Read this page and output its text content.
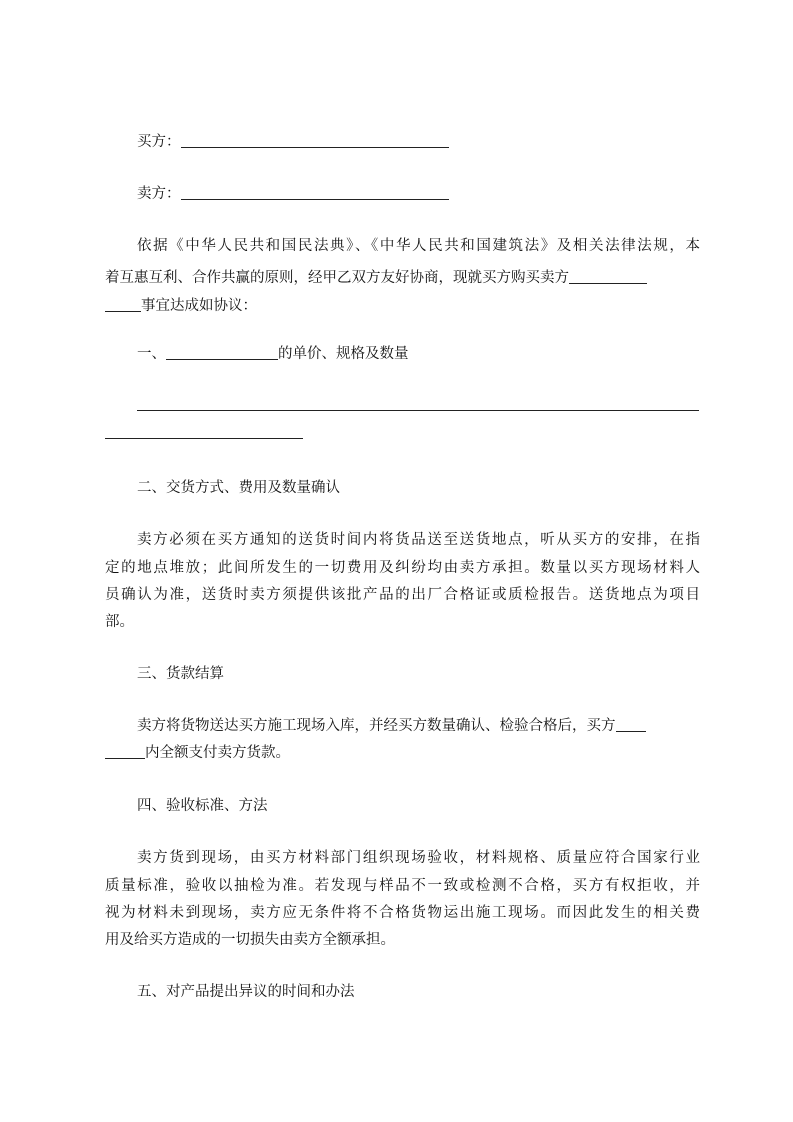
买方：
卖方：
依据《中华人民共和国民法典》、《中华人民共和国建筑法》及相关法律法规，本
着互惠互利、合作共赢的原则，经甲乙双方友好协商，现就买方购买卖方
事宜达成如协议：
一、	的单价、规格及数量
二、交货方式、费用及数量确认
卖方必须在买方通知的送货时间内将货品送至送货地点，听从买方的安排，在指
定的地点堆放；此间所发生的一切费用及纠纷均由卖方承担。数量以买方现场材料人
员确认为准，送货时卖方须提供该批产品的出厂合格证或质检报告。送货地点为项目
部。
三、货款结算
卖方将货物送达买方施工现场入库，并经买方数量确认、检验合格后，买方
内全额支付卖方货款。
四、验收标准、方法
卖方货到现场，由买方材料部门组织现场验收，材料规格、质量应符合国家行业
质量标准，验收以抽检为准。若发现与样品不一致或检测不合格，买方有权拒收，并
视为材料未到现场，卖方应无条件将不合格货物运出施工现场。而因此发生的相关费
用及给买方造成的一切损失由卖方全额承担。
五、对产品提出异议的时间和办法
